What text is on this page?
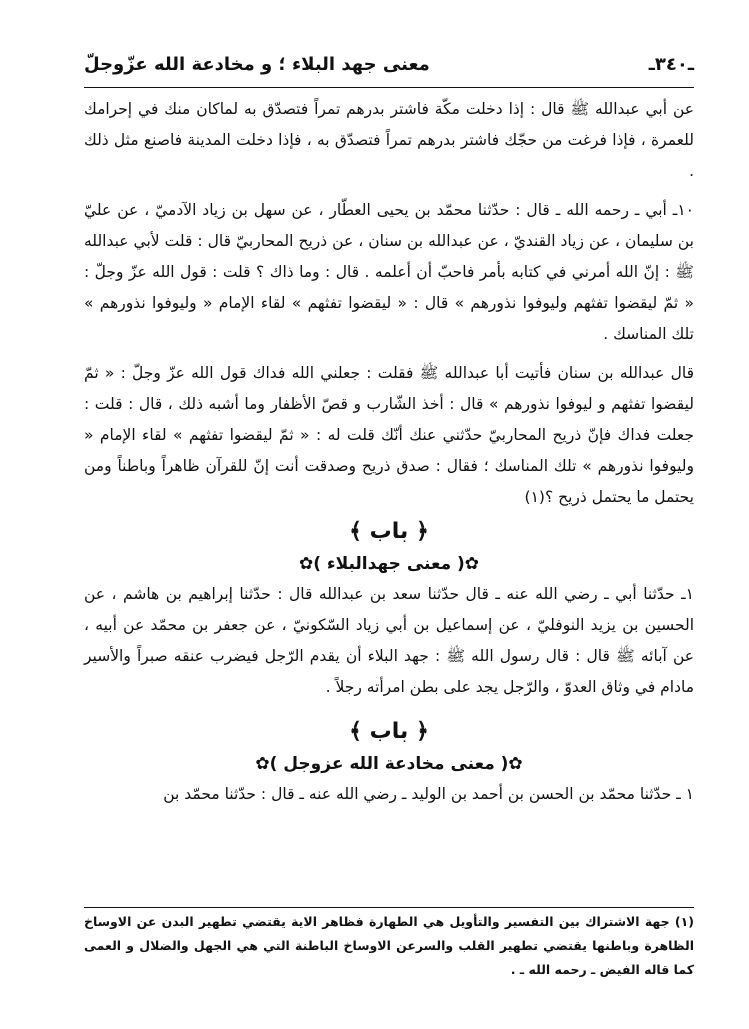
ـ٣٤٠ـ
معنى جهد البلاء ؛ و مخادعة الله عزّوجلّ

عن أبي عبدالله ﷺ قال : إذا دخلت مكّة فاشتر بدرهم تمراً فتصدّق به لماكان منك في إحرامك للعمرة ، فإذا فرغت من حجّك فاشتر بدرهم تمراً فتصدّق به ، فإذا دخلت المدينة فاصنع مثل ذلك .

١٠ـ أبي ـ رحمه الله ـ قال : حدّثنا محمّد بن يحيى العطّار ، عن سهل بن زياد الآدميّ ، عن عليّ بن سليمان ، عن زياد القنديّ ، عن عبدالله بن سنان ، عن ذريح المحاربيّ قال : قلت لأبي عبدالله ﷺ : إنّ الله أمرني في كتابه بأمر فاحبّ أن أعلمه . قال : وما ذاك ؟ قلت : قول الله عزّ وجلّ : « ثمّ ليقضوا تفثهم وليوفوا نذورهم » قال : « ليقضوا تفثهم » لقاء الإمام « وليوفوا نذورهم » تلك المناسك .

قال عبدالله بن سنان فأتيت أبا عبدالله ﷺ فقلت : جعلني الله فداك قول الله عزّ وجلّ : « ثمّ ليقضوا تفثهم و ليوفوا نذورهم » قال : أخذ الشّارب و قصّ الأظفار وما أشبه ذلك ، قال : قلت : جعلت فداك فإنّ ذريح المحاربيّ حدّثني عنك أنّك قلت له : « ثمّ ليقضوا تفثهم » لقاء الإمام « وليوفوا نذورهم » تلك المناسك ؛ فقال : صدق ذريح وصدقت أنت إنّ للقرآن ظاهراً وباطناً ومن يحتمل ما يحتمل ذريح ؟(١)

﴿ باب ﴾
✿( معنى جهدالبلاء )✿

١ـ حدّثنا أبي ـ رضي الله عنه ـ قال حدّثنا سعد بن عبدالله قال : حدّثنا إبراهيم بن هاشم ، عن الحسين بن يزيد النوفليّ ، عن إسماعيل بن أبي زياد السّكونيّ ، عن جعفر بن محمّد عن أبيه ، عن آبائه ﷺ قال : قال رسول الله ﷺ : جهد البلاء أن يقدم الرّجل فيضرب عنقه صبراً والأسير مادام في وثاق العدوّ ، والرّجل يجد على بطن امرأته رجلاً .

﴿ باب ﴾
✿( معنى مخادعة الله عزوجل )✿

١ ـ حدّثنا محمّد بن الحسن بن أحمد بن الوليد ـ رضي الله عنه ـ قال : حدّثنا محمّد بن

(١) جهة الاشتراك بين التفسير والتأويل هي الطهارة فظاهر الاية يقتضي تطهير البدن عن الاوساخ الظاهرة وباطنها يقتضي تطهير القلب والسرعن الاوساخ الباطنة التي هي الجهل والضلال و العمى كما قاله الفيض ـ رحمه الله ـ .
